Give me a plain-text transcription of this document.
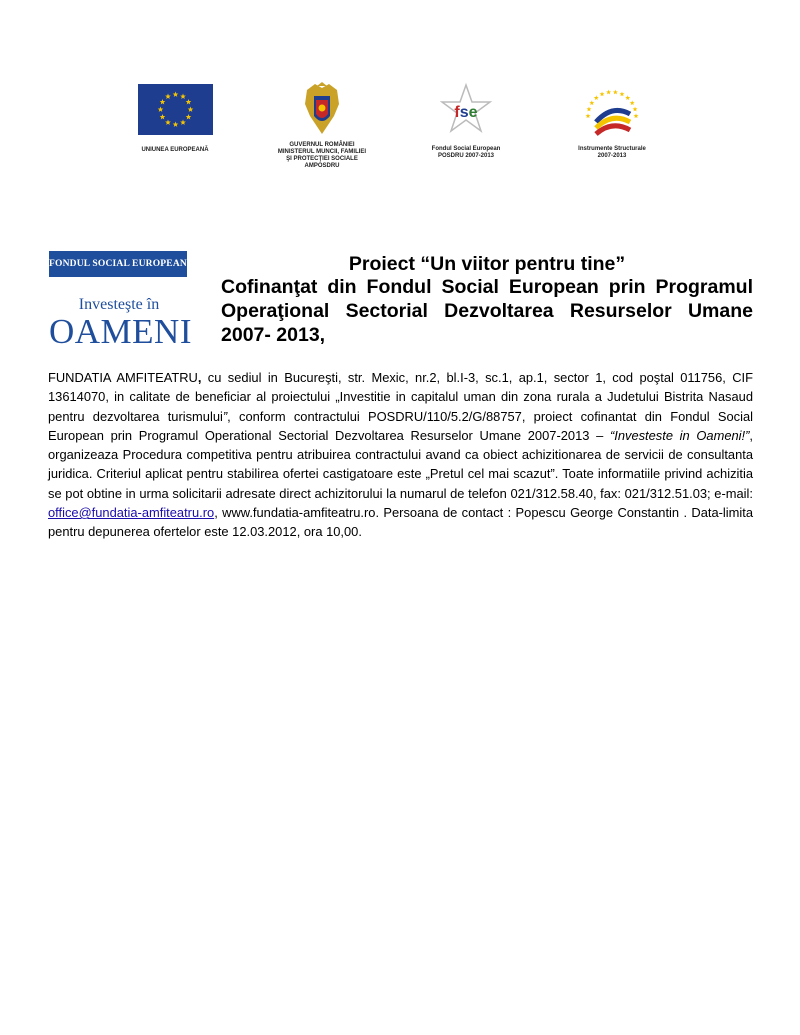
UNIUNEA EUROPEANĂ
GUVERNUL ROMÂNIEI
MINISTERUL MUNCII, FAMILIEI
ŞI PROTECŢIEI SOCIALE
AMPOSDRU
fse
Fondul Social European
POSDRU 2007-2013
Instrumente Structurale
2007-2013
FONDUL SOCIAL EUROPEAN
Investeşte în
OAMENI
Proiect “Un viitor pentru tine”
Cofinanţat din Fondul Social European prin Programul Operaţional Sectorial Dezvoltarea Resurselor Umane 2007- 2013,
FUNDATIA AMFITEATRU, cu sediul in Bucureşti, str. Mexic, nr.2, bl.I-3, sc.1, ap.1, sector 1, cod poştal 011756, CIF 13614070, in calitate de beneficiar al proiectului „Investitie in capitalul uman din zona rurala a Judetului Bistrita Nasaud pentru dezvoltarea turismului”, conform contractului POSDRU/110/5.2/G/88757, proiect cofinantat din Fondul Social European prin Programul Operational Sectorial Dezvoltarea Resurselor Umane 2007-2013 – “Investeste in Oameni!”, organizeaza Procedura competitiva pentru atribuirea contractului avand ca obiect achizitionarea de servicii de consultanta juridica. Criteriul aplicat pentru stabilirea ofertei castigatoare este „Pretul cel mai scazut”. Toate informatiile privind achizitia se pot obtine in urma solicitarii adresate direct achizitorului la numarul de telefon 021/312.58.40, fax: 021/312.51.03; e-mail: office@fundatia-amfiteatru.ro, www.fundatia-amfiteatru.ro. Persoana de contact : Popescu George Constantin . Data-limita pentru depunerea ofertelor este 12.03.2012, ora 10,00.
